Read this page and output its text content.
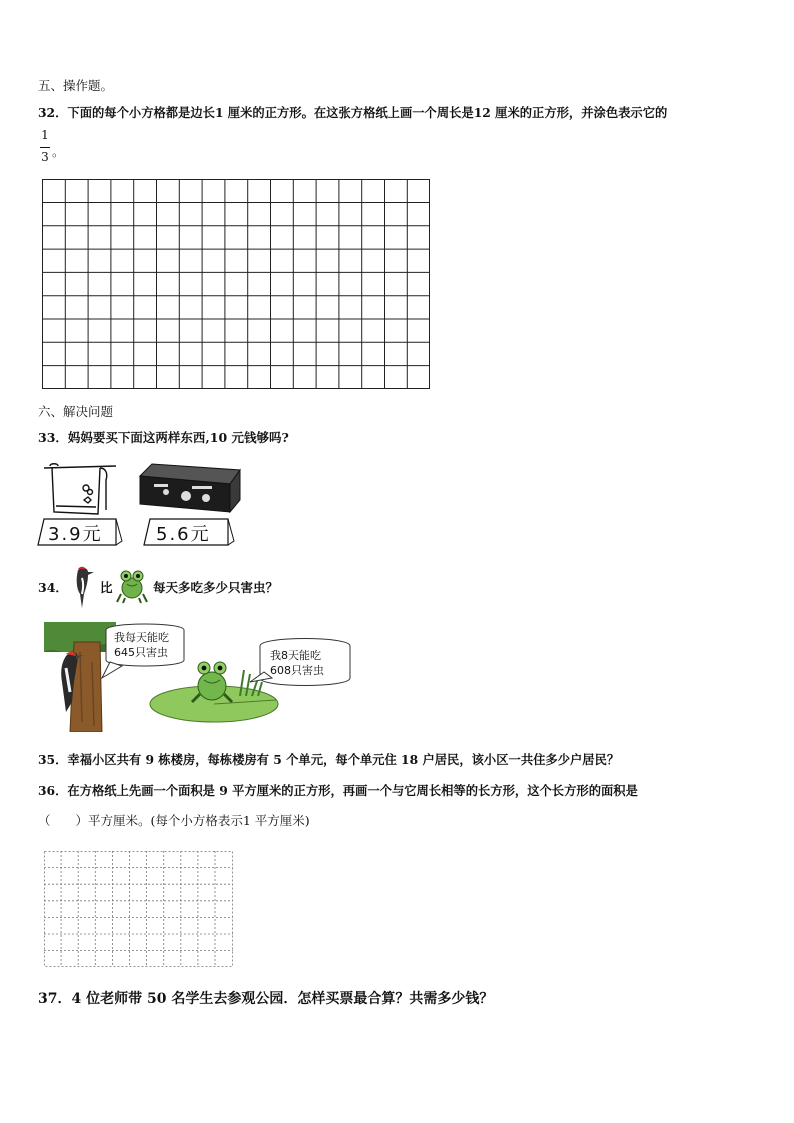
五、操作题。
32．下面的每个小方格都是边长1 厘米的正方形。在这张方格纸上画一个周长是12 厘米的正方形，并涂色表示它的
1
3 。
六、解决问题
33．妈妈要买下面这两样东西,10 元钱够吗?
3.9元	5.6元
34．	比	每天多吃多少只害虫？
我每天能吃
645只害虫	我8天能吃
608只害虫
35．幸福小区共有 9 栋楼房，每栋楼房有 5 个单元，每个单元住 18 户居民，该小区一共住多少户居民？
36．在方格纸上先画一个面积是 9 平方厘米的正方形，再画一个与它周长相等的长方形，这个长方形的面积是
（　　）平方厘米。(每个小方格表示1 平方厘米)
37．4 位老师带 50 名学生去参观公园．怎样买票最合算？共需多少钱？
